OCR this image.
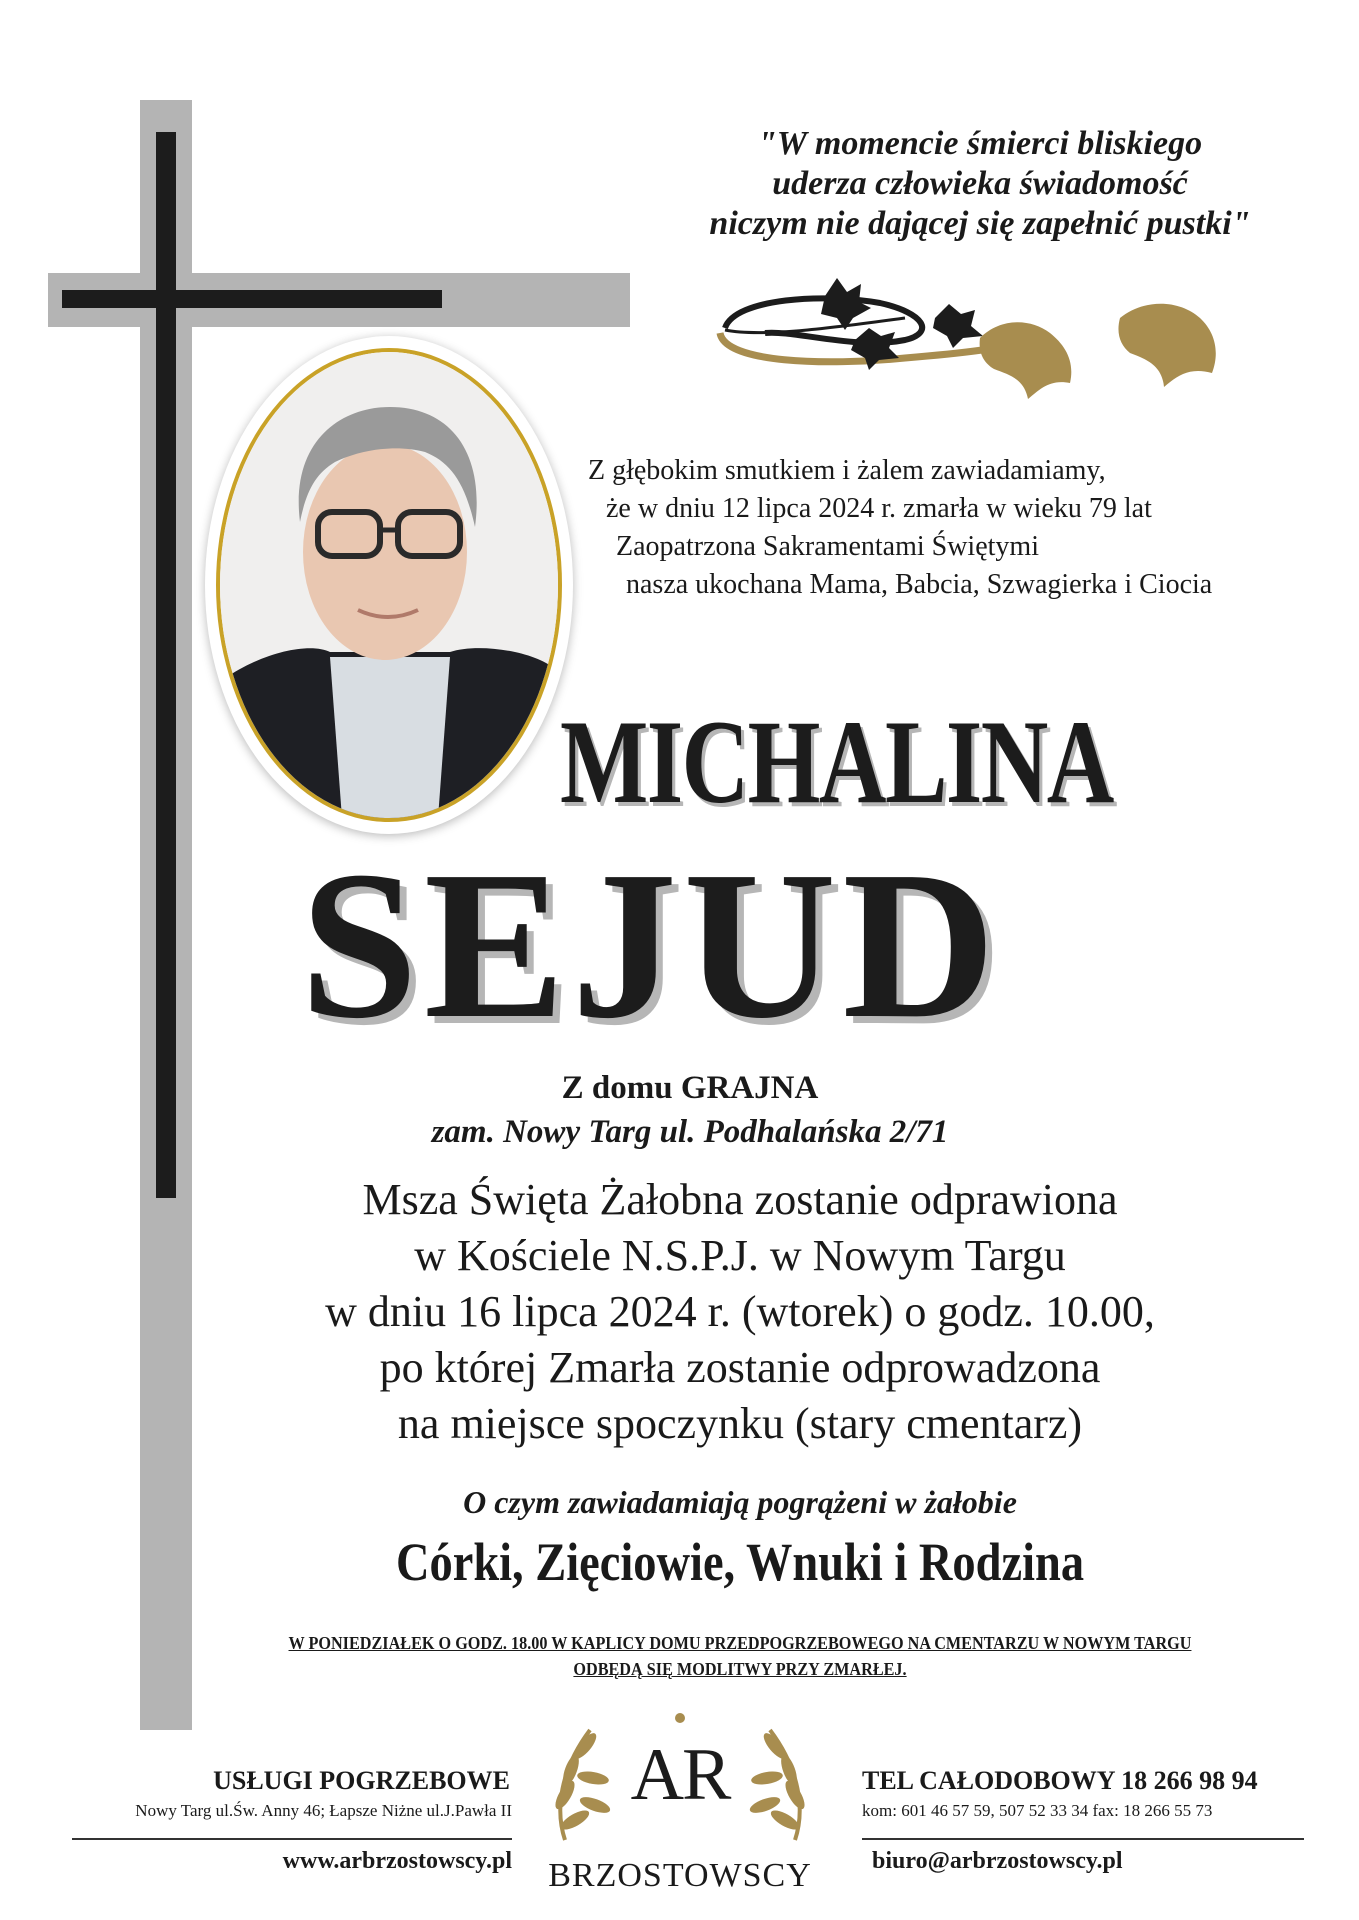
"W momencie śmierci bliskiego
uderza człowieka świadomość
niczym nie dającej się zapełnić pustki"
Z głębokim smutkiem i żalem zawiadamiamy,
że w dniu 12 lipca 2024 r. zmarła w wieku 79 lat
Zaopatrzona Sakramentami Świętymi
nasza ukochana Mama, Babcia, Szwagierka i Ciocia
MICHALINA
SEJUD
Z domu GRAJNA
zam. Nowy Targ ul. Podhalańska 2/71
Msza Święta Żałobna zostanie odprawiona
w Kościele N.S.P.J. w Nowym Targu
w dniu 16 lipca 2024 r. (wtorek) o godz. 10.00,
po której Zmarła zostanie odprowadzona
na miejsce spoczynku (stary cmentarz)
O czym zawiadamiają pogrążeni w żałobie
Córki, Zięciowie, Wnuki i Rodzina
W PONIEDZIAŁEK O GODZ. 18.00 W KAPLICY DOMU PRZEDPOGRZEBOWEGO NA CMENTARZU W NOWYM TARGU
ODBĘDĄ SIĘ MODLITWY PRZY ZMARŁEJ.
USŁUGI POGRZEBOWE
Nowy Targ ul.Św. Anny 46; Łapsze Niżne ul.J.Pawła II
www.arbrzostowscy.pl
AR
BRZOSTOWSCY
TEL CAŁODOBOWY 18 266 98 94
kom: 601 46 57 59, 507 52 33 34 fax: 18 266 55 73
biuro@arbrzostowscy.pl
